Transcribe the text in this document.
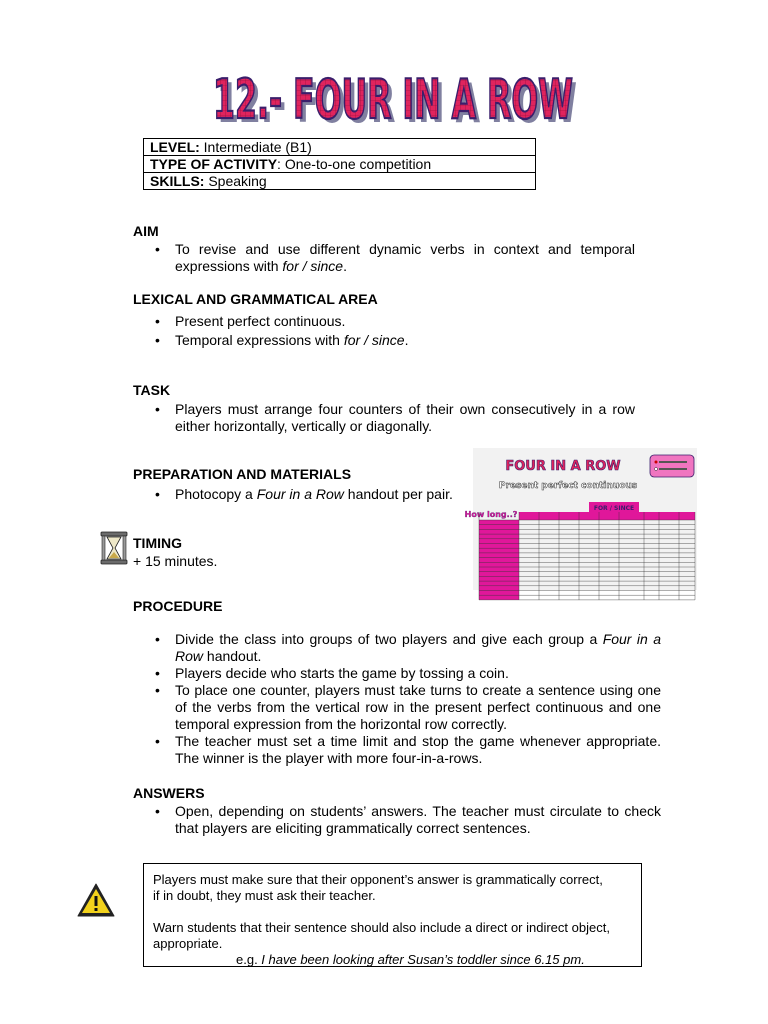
12.- FOUR IN A ROW
12.- FOUR IN A ROW
LEVEL: Intermediate (B1)
TYPE OF ACTIVITY: One-to-one competition
SKILLS: Speaking
AIM
• To revise and use different dynamic verbs in context and temporal expressions with for / since.
LEXICAL AND GRAMMATICAL AREA
• Present perfect continuous.
• Temporal expressions with for / since.
TASK
• Players must arrange four counters of their own consecutively in a row either horizontally, vertically or diagonally.
PREPARATION AND MATERIALS
• Photocopy a Four in a Row handout per pair.
FOUR IN A ROW
Present perfect continuous
How long..?
FOR / SINCE
TIMING
+ 15 minutes.
PROCEDURE
• Divide the class into groups of two players and give each group a Four in a Row handout.
• Players decide who starts the game by tossing a coin.
• To place one counter, players must take turns to create a sentence using one of the verbs from the vertical row in the present perfect continuous and one temporal expression from the horizontal row correctly.
• The teacher must set a time limit and stop the game whenever appropriate. The winner is the player with more four-in-a-rows.
ANSWERS
• Open, depending on students’ answers. The teacher must circulate to check that players are eliciting grammatically correct sentences.

Players must make sure that their opponent’s answer is grammatically correct,

if in doubt, they must ask their teacher.

Warn students that their sentence should also include a direct or indirect object,

appropriate.

e.g. I have been looking after Susan’s toddler since 6.15 pm.
